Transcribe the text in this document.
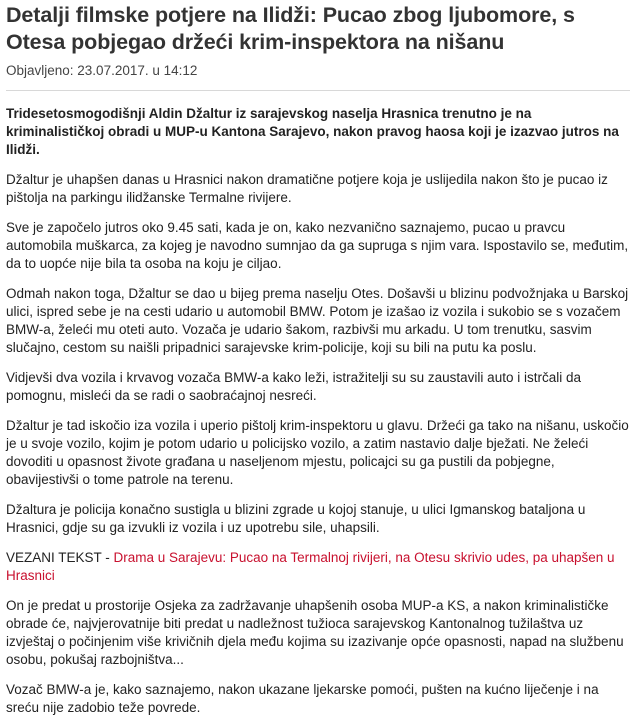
Detalji filmske potjere na Ilidži: Pucao zbog ljubomore, s Otesa pobjegao držeći krim-inspektora na nišanu
Objavljeno: 23.07.2017. u 14:12

Tridesetosmogodišnji Aldin Džaltur iz sarajevskog naselja Hrasnica trenutno je na kriminalističkoj obradi u MUP-u Kantona Sarajevo, nakon pravog haosa koji je izazvao jutros na Ilidži.

Džaltur je uhapšen danas u Hrasnici nakon dramatične potjere koja je uslijedila nakon što je pucao iz pištolja na parkingu ilidžanske Termalne rivijere.

Sve je započelo jutros oko 9.45 sati, kada je on, kako nezvanično saznajemo, pucao u pravcu automobila muškarca, za kojeg je navodno sumnjao da ga supruga s njim vara. Ispostavilo se, međutim, da to uopće nije bila ta osoba na koju je ciljao.

Odmah nakon toga, Džaltur se dao u bijeg prema naselju Otes. Došavši u blizinu podvožnjaka u Barskoj ulici, ispred sebe je na cesti udario u automobil BMW. Potom je izašao iz vozila i sukobio se s vozačem BMW-a, želeći mu oteti auto. Vozača je udario šakom, razbivši mu arkadu. U tom trenutku, sasvim slučajno, cestom su naišli pripadnici sarajevske krim-policije, koji su bili na putu ka poslu.

Vidjevši dva vozila i krvavog vozača BMW-a kako leži, istražitelji su su zaustavili auto i istrčali da pomognu, misleći da se radi o saobraćajnoj nesreći.

Džaltur je tad iskočio iza vozila i uperio pištolj krim-inspektoru u glavu. Držeći ga tako na nišanu, uskočio je u svoje vozilo, kojim je potom udario u policijsko vozilo, a zatim nastavio dalje bježati. Ne želeći dovoditi u opasnost živote građana u naseljenom mjestu, policajci su ga pustili da pobjegne, obavijestivši o tome patrole na terenu.

Džaltura je policija konačno sustigla u blizini zgrade u kojoj stanuje, u ulici Igmanskog bataljona u Hrasnici, gdje su ga izvukli iz vozila i uz upotrebu sile, uhapsili.

VEZANI TEKST - Drama u Sarajevu: Pucao na Termalnoj rivijeri, na Otesu skrivio udes, pa uhapšen u Hrasnici

On je predat u prostorije Osjeka za zadržavanje uhapšenih osoba MUP-a KS, a nakon kriminalističke obrade će, najvjerovatnije biti predat u nadležnost tužioca sarajevskog Kantonalnog tužilaštva uz izvještaj o počinjenim više krivičnih djela među kojima su izazivanje opće opasnosti, napad na službenu osobu, pokušaj razbojništva...

Vozač BMW-a je, kako saznajemo, nakon ukazane ljekarske pomoći, pušten na kućno liječenje i na sreću nije zadobio teže povrede.
